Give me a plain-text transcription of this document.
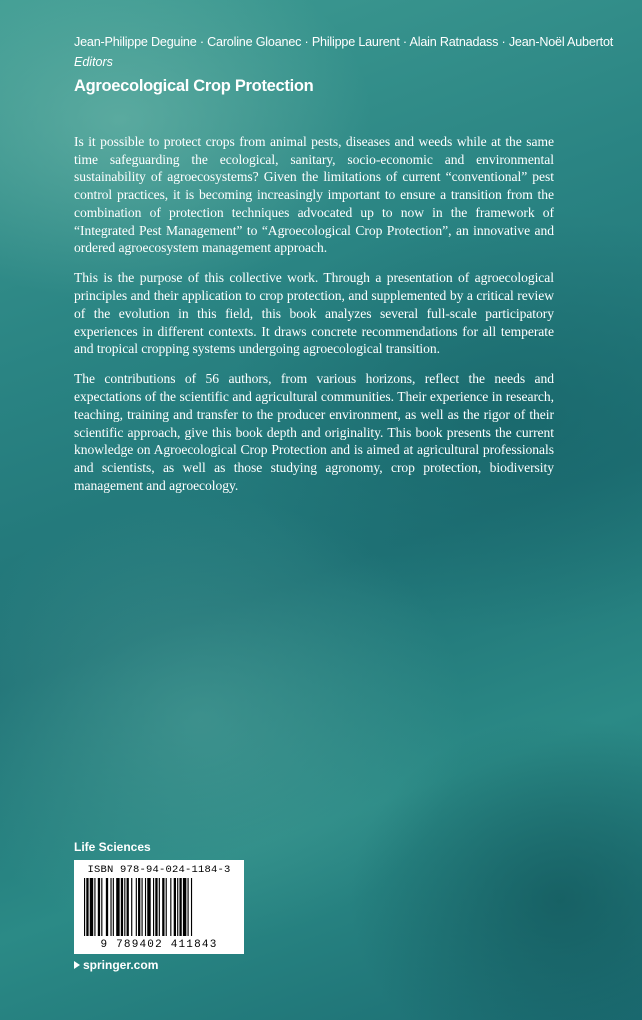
Jean-Philippe Deguine · Caroline Gloanec · Philippe Laurent · Alain Ratnadass · Jean-Noël Aubertot
Editors
Agroecological Crop Protection

Is it possible to protect crops from animal pests, diseases and weeds while at the same time safeguarding the ecological, sanitary, socio-economic and environmental sustainability of agroecosystems? Given the limitations of current “conventional” pest control practices, it is becoming increasingly important to ensure a transition from the combination of protection techniques advocated up to now in the framework of “Integrated Pest Management” to “Agroecological Crop Protection”, an innovative and ordered agroecosystem management approach.

This is the purpose of this collective work. Through a presentation of agroecological principles and their application to crop protection, and supplemented by a critical review of the evolution in this field, this book analyzes several full-scale participatory experiences in different contexts. It draws concrete recommendations for all temperate and tropical cropping systems undergoing agroecological transition.

The contributions of 56 authors, from various horizons, reflect the needs and expectations of the scientific and agricultural communities. Their experience in research, teaching, training and transfer to the producer environment, as well as the rigor of their scientific approach, give this book depth and originality. This book presents the current knowledge on Agroecological Crop Protection and is aimed at agricultural professionals and scientists, as well as those studying agronomy, crop protection, biodiversity management and agroecology.

Life Sciences
ISBN 978-94-024-1184-3
9 789402 411843
springer.com
